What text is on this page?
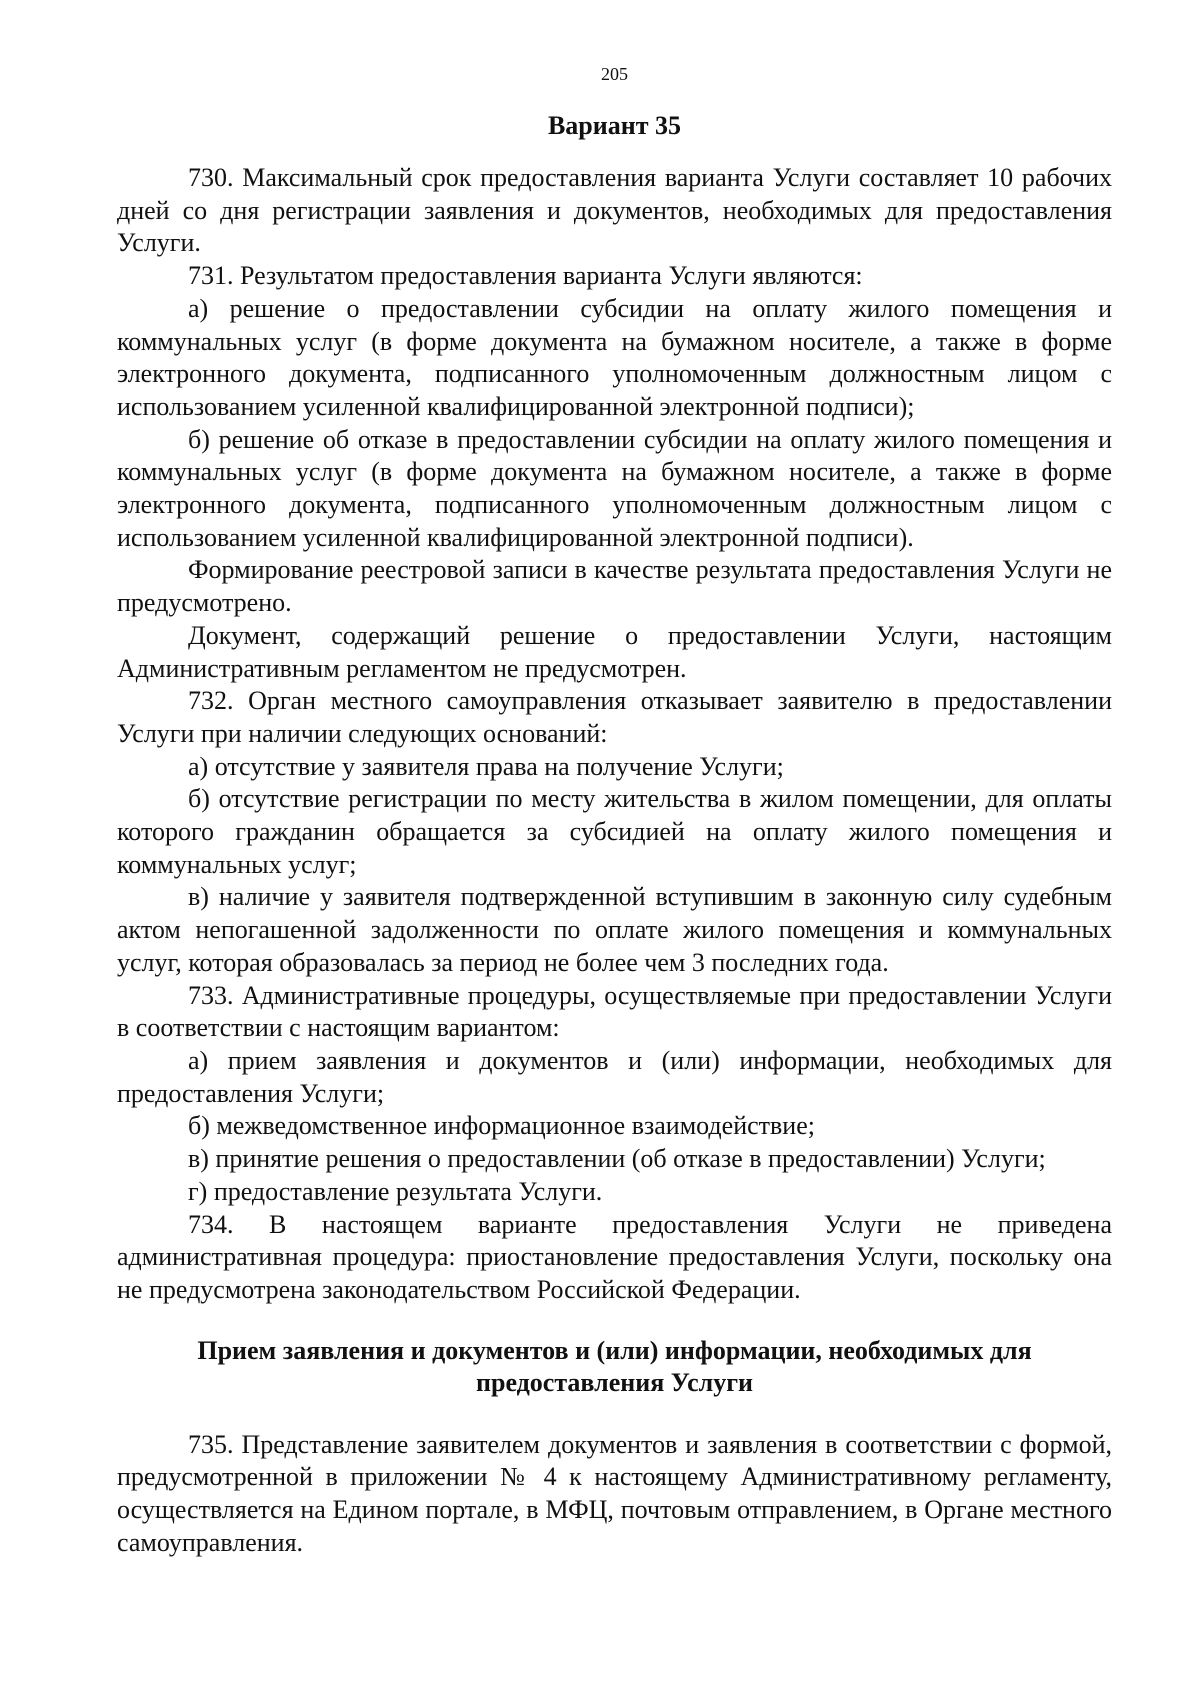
205
Вариант 35

730. Максимальный срок предоставления варианта Услуги составляет 10 рабочих дней со дня регистрации заявления и документов, необходимых для предоставления Услуги.

731. Результатом предоставления варианта Услуги являются:

а) решение о предоставлении субсидии на оплату жилого помещения и коммунальных услуг (в форме документа на бумажном носителе, а также в форме электронного документа, подписанного уполномоченным должностным лицом с использованием усиленной квалифицированной электронной подписи);

б) решение об отказе в предоставлении субсидии на оплату жилого помещения и коммунальных услуг (в форме документа на бумажном носителе, а также в форме электронного документа, подписанного уполномоченным должностным лицом с использованием усиленной квалифицированной электронной подписи).

Формирование реестровой записи в качестве результата предоставления Услуги не предусмотрено.

Документ, содержащий решение о предоставлении Услуги, настоящим Административным регламентом не предусмотрен.

732. Орган местного самоуправления отказывает заявителю в предоставлении Услуги при наличии следующих оснований:

а) отсутствие у заявителя права на получение Услуги;

б) отсутствие регистрации по месту жительства в жилом помещении, для оплаты которого гражданин обращается за субсидией на оплату жилого помещения и коммунальных услуг;

в) наличие у заявителя подтвержденной вступившим в законную силу судебным актом непогашенной задолженности по оплате жилого помещения и коммунальных услуг, которая образовалась за период не более чем 3 последних года.

733. Административные процедуры, осуществляемые при предоставлении Услуги в соответствии с настоящим вариантом:

а) прием заявления и документов и (или) информации, необходимых для предоставления Услуги;

б) межведомственное информационное взаимодействие;

в) принятие решения о предоставлении (об отказе в предоставлении) Услуги;

г) предоставление результата Услуги.

734. В настоящем варианте предоставления Услуги не приведена административная процедура: приостановление предоставления Услуги, поскольку она не предусмотрена законодательством Российской Федерации.

Прием заявления и документов и (или) информации, необходимых для предоставления Услуги

735. Представление заявителем документов и заявления в соответствии с формой, предусмотренной в приложении № 4 к настоящему Административному регламенту, осуществляется на Едином портале, в МФЦ, почтовым отправлением, в Органе местного самоуправления.
